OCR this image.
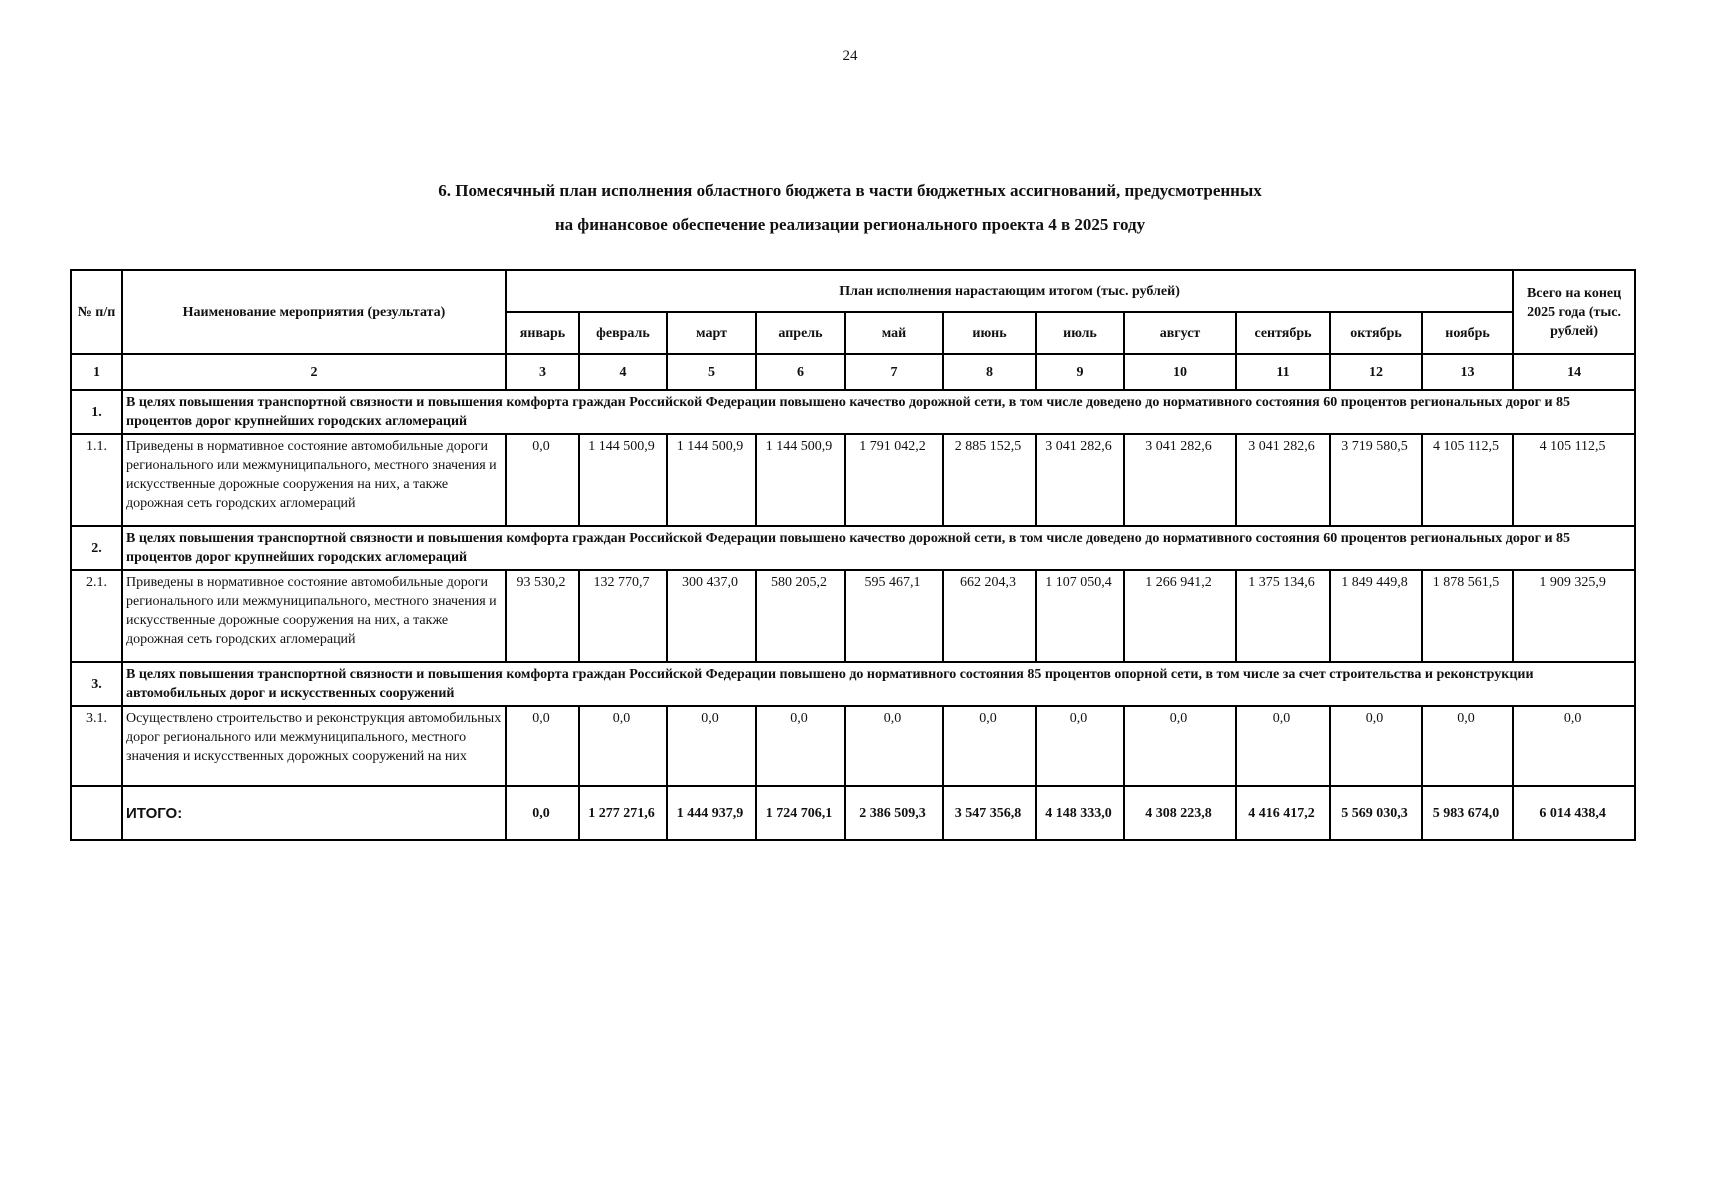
24
6. Помесячный план исполнения областного бюджета в части бюджетных ассигнований, предусмотренных
на финансовое обеспечение реализации регионального проекта 4 в 2025 году
№ п/п	Наименование мероприятия (результата)	План исполнения нарастающим итогом (тыс. рублей)											Всего на конец 2025 года (тыс. рублей)
		январь	февраль	март	апрель	май	июнь	июль	август	сентябрь	октябрь	ноябрь	
1	2	3	4	5	6	7	8	9	10	11	12	13	14
1.	В целях повышения транспортной связности и повышения комфорта граждан Российской Федерации повышено качество дорожной сети, в том числе доведено до нормативного состояния 60 процентов региональных дорог и 85 процентов дорог крупнейших городских агломераций												
1.1.	Приведены в нормативное состояние автомобильные дороги регионального или межмуниципального, местного значения и искусственные дорожные сооружения на них, а также дорожная сеть городских агломераций	0,0	1 144 500,9	1 144 500,9	1 144 500,9	1 791 042,2	2 885 152,5	3 041 282,6	3 041 282,6	3 041 282,6	3 719 580,5	4 105 112,5	4 105 112,5
2.	В целях повышения транспортной связности и повышения комфорта граждан Российской Федерации повышено качество дорожной сети, в том числе доведено до нормативного состояния 60 процентов региональных дорог и 85 процентов дорог крупнейших городских агломераций												
2.1.	Приведены в нормативное состояние автомобильные дороги регионального или межмуниципального, местного значения и искусственные дорожные сооружения на них, а также дорожная сеть городских агломераций	93 530,2	132 770,7	300 437,0	580 205,2	595 467,1	662 204,3	1 107 050,4	1 266 941,2	1 375 134,6	1 849 449,8	1 878 561,5	1 909 325,9
3.	В целях повышения транспортной связности и повышения комфорта граждан Российской Федерации повышено до нормативного состояния 85 процентов опорной сети, в том числе за счет строительства и реконструкции автомобильных дорог и искусственных сооружений												
3.1.	Осуществлено строительство и реконструкция автомобильных дорог регионального или межмуниципального, местного значения и искусственных дорожных сооружений на них	0,0	0,0	0,0	0,0	0,0	0,0	0,0	0,0	0,0	0,0	0,0	0,0
	ИТОГО:	0,0	1 277 271,6	1 444 937,9	1 724 706,1	2 386 509,3	3 547 356,8	4 148 333,0	4 308 223,8	4 416 417,2	5 569 030,3	5 983 674,0	6 014 438,4
